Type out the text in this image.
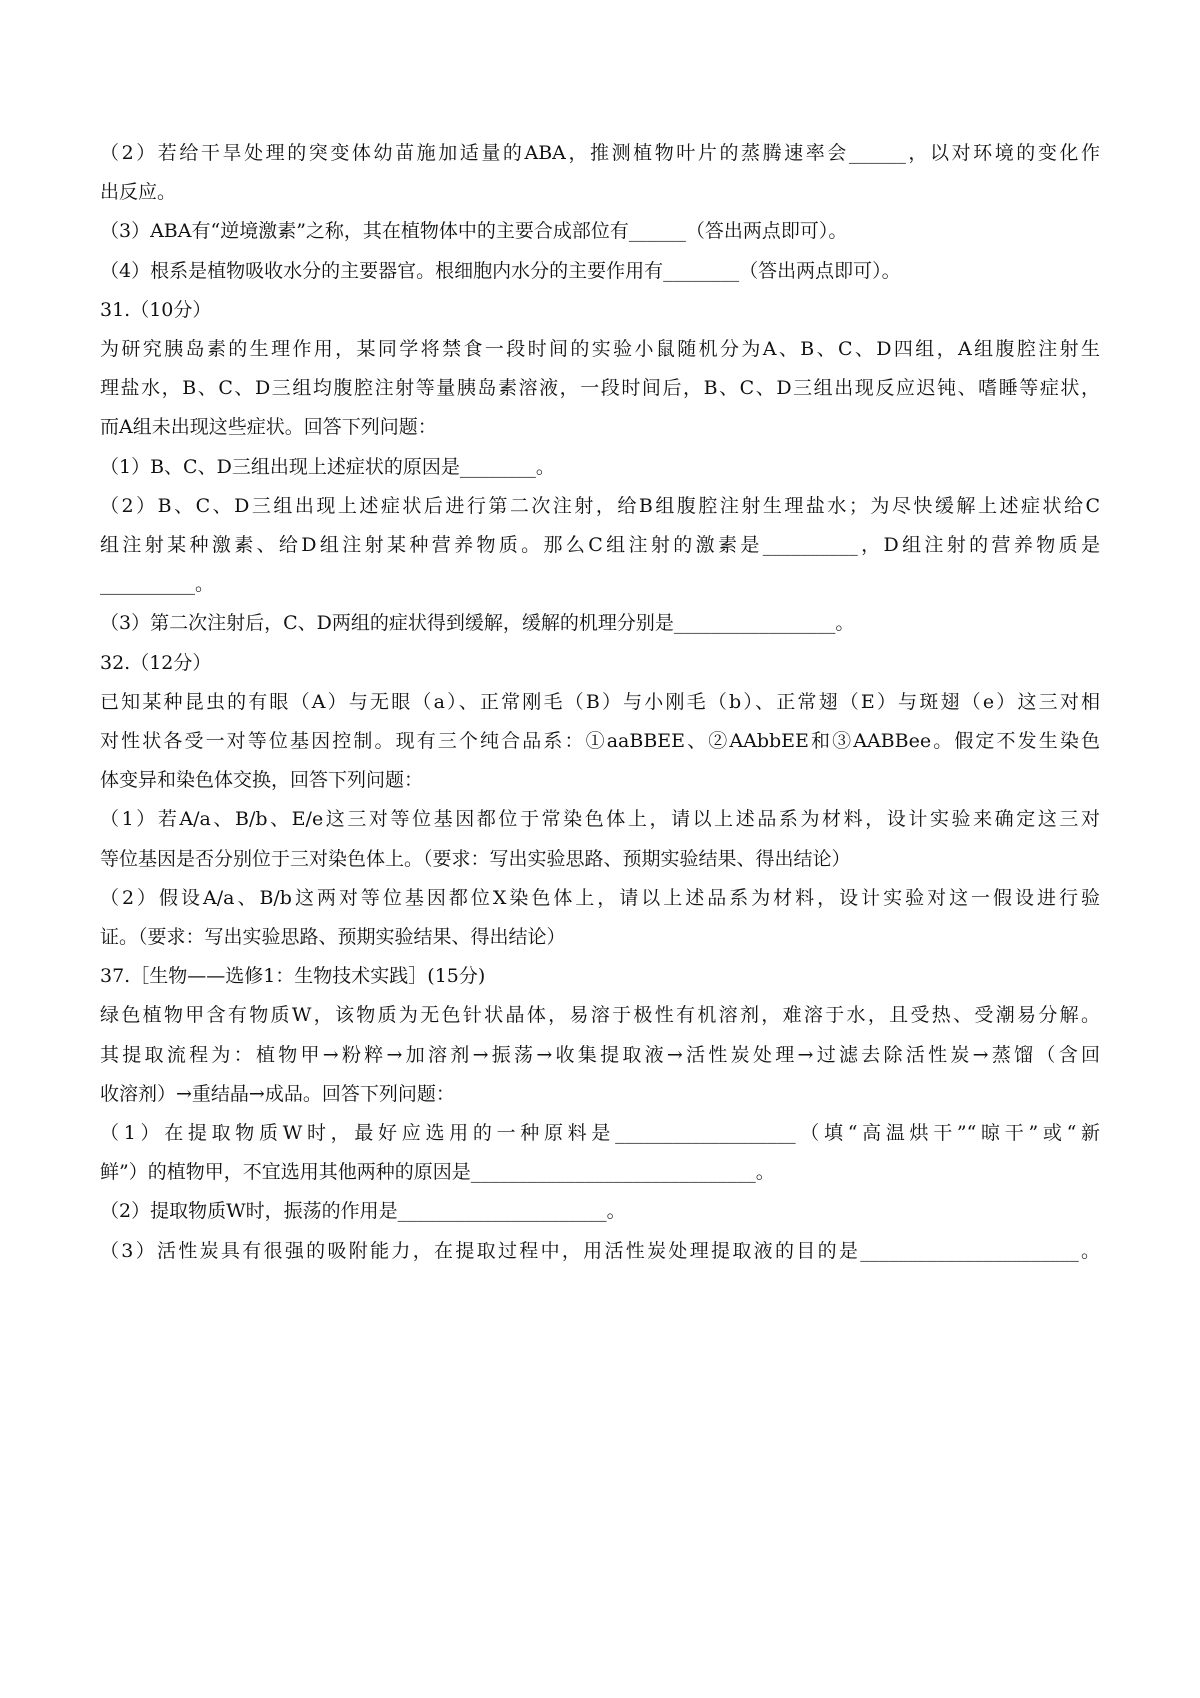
（2）若给干旱处理的突变体幼苗施加适量的ABA，推测植物叶片的蒸腾速率会______，以对环境的变化作

出反应。

（3）ABA有“逆境激素”之称，其在植物体中的主要合成部位有______（答出两点即可）。

（4）根系是植物吸收水分的主要器官。根细胞内水分的主要作用有________（答出两点即可）。

31.（10分）

为研究胰岛素的生理作用，某同学将禁食一段时间的实验小鼠随机分为A、B、C、D四组，A组腹腔注射生

理盐水，B、C、D三组均腹腔注射等量胰岛素溶液，一段时间后，B、C、D三组出现反应迟钝、嗜睡等症状，

而A组未出现这些症状。回答下列问题：

（1）B、C、D三组出现上述症状的原因是________。

（2）B、C、D三组出现上述症状后进行第二次注射，给B组腹腔注射生理盐水；为尽快缓解上述症状给C

组注射某种激素、给D组注射某种营养物质。那么C组注射的激素是__________，D组注射的营养物质是

__________。

（3）第二次注射后，C、D两组的症状得到缓解，缓解的机理分别是_________________。

32.（12分）

已知某种昆虫的有眼（A）与无眼（a）、正常刚毛（B）与小刚毛（b）、正常翅（E）与斑翅（e）这三对相

对性状各受一对等位基因控制。现有三个纯合品系：①aaBBEE、②AAbbEE和③AABBee。假定不发生染色

体变异和染色体交换，回答下列问题：

（1）若A/a、B/b、E/e这三对等位基因都位于常染色体上，请以上述品系为材料，设计实验来确定这三对

等位基因是否分别位于三对染色体上。（要求：写出实验思路、预期实验结果、得出结论）

（2）假设A/a、B/b这两对等位基因都位X染色体上，请以上述品系为材料，设计实验对这一假设进行验

证。（要求：写出实验思路、预期实验结果、得出结论）

37.［生物——选修1：生物技术实践］(15分)

绿色植物甲含有物质W，该物质为无色针状晶体，易溶于极性有机溶剂，难溶于水，且受热、受潮易分解。

其提取流程为：植物甲→粉粹→加溶剂→振荡→收集提取液→活性炭处理→过滤去除活性炭→蒸馏（含回

收溶剂）→重结晶→成品。回答下列问题：

（1）在提取物质W时，最好应选用的一种原料是___________________（填“高温烘干”“晾干”或“新

鲜”）的植物甲，不宜选用其他两种的原因是______________________________。

（2）提取物质W时，振荡的作用是______________________。

（3）活性炭具有很强的吸附能力，在提取过程中，用活性炭处理提取液的目的是_______________________。
